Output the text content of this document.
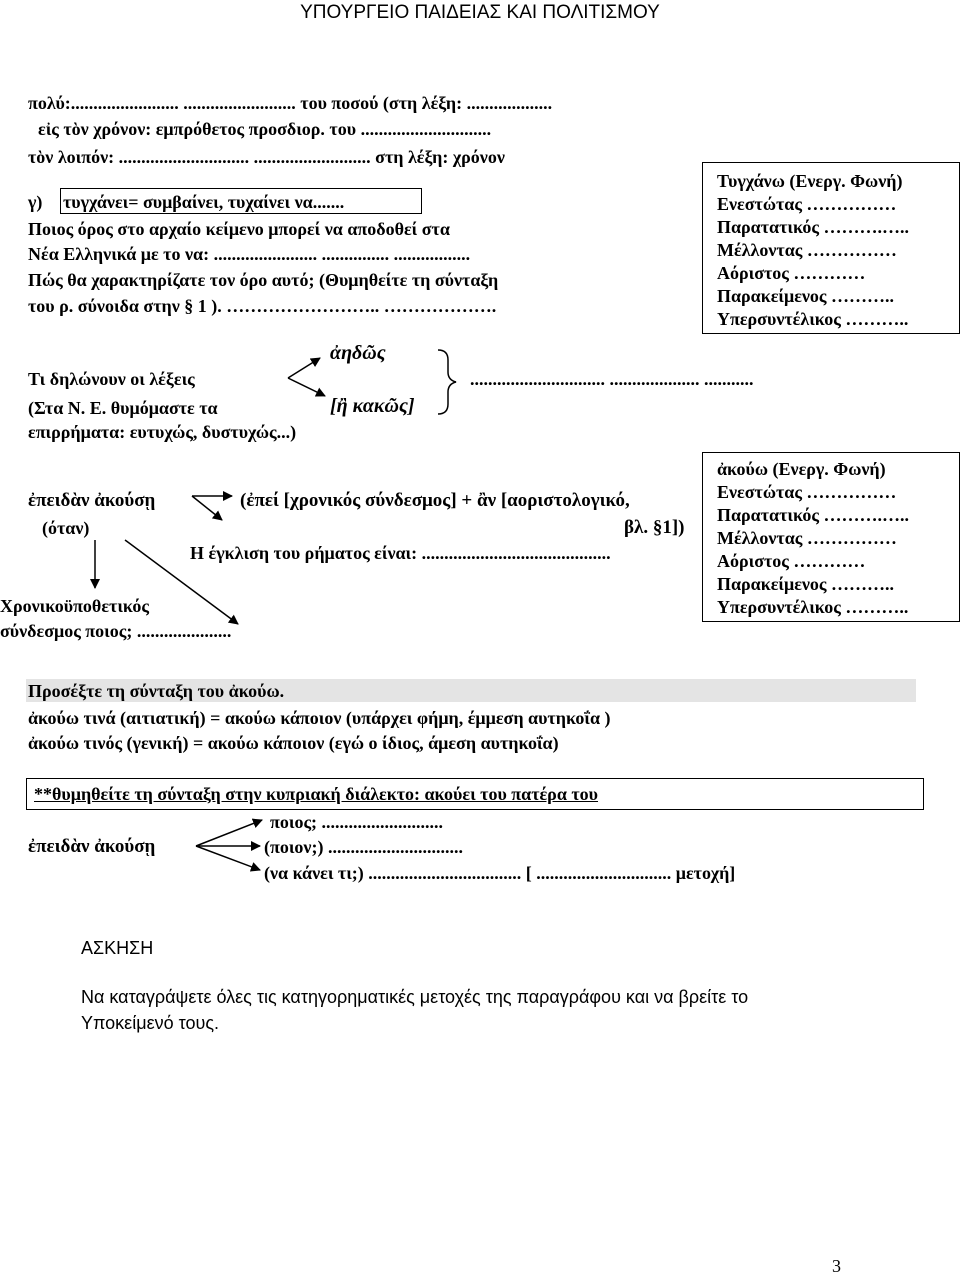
ΥΠΟΥΡΓΕΙΟ ΠΑΙΔΕΙΑΣ ΚΑΙ ΠΟΛΙΤΙΣΜΟΥ
πολύ:........................ ......................... του ποσού (στη λέξη: ...................
εἰς τὸν χρόνον: εμπρόθετος προσδιορ. του .............................
τὸν λοιπόν: ............................. .......................... στη λέξη: χρόνον
γ) τυγχάνει= συμβαίνει, τυχαίνει να.......
Ποιος όρος στο αρχαίο κείμενο μπορεί να αποδοθεί στα
Νέα Ελληνικά με το να: ....................... ............... .................
Πώς θα χαρακτηρίζατε τον όρο αυτό; (Θυμηθείτε τη σύνταξη
του ρ. σύνοιδα στην § 1 ). …………………….. ……………….
Τυγχάνω (Ενεργ. Φωνή)
Ενεστώτας ……………
Παρατατικός ……….…..
Μέλλοντας ……………
Αόριστος …………
Παρακείμενος ………..
Υπερσυντέλικος ………..
ἀηδῶς
Τι δηλώνουν οι λέξεις	.............................. .................... ...........
(Στα Ν. Ε. θυμόμαστε τα	[ἢ κακῶς]
επιρρήματα: ευτυχώς, δυστυχώς...)
ἐπειδὰν ἀκούσῃ	(ἐπεί [χρονικός σύνδεσμος] + ἂν [αοριστολογικό,
(όταν)	βλ. §1])
Η έγκλιση του ρήματος είναι: ..........................................
Χρονικοϋποθετικός
σύνδεσμος ποιος; .....................
ἀκούω (Ενεργ. Φωνή)
Ενεστώτας ……………
Παρατατικός ……….…..
Μέλλοντας ……………
Αόριστος …………
Παρακείμενος ………..
Υπερσυντέλικος ………..
Προσέξτε τη σύνταξη του ἀκούω.
ἀκούω τινά (αιτιατική) = ακούω κάποιον (υπάρχει φήμη, έμμεση αυτηκοΐα )
ἀκούω τινός (γενική) = ακούω κάποιον (εγώ ο ίδιος, άμεση αυτηκοΐα)
**θυμηθείτε τη σύνταξη στην κυπριακή διάλεκτο: ακούει του πατέρα του
ἐπειδὰν ἀκούσῃ
ποιος; ...........................
(ποιον;) ..............................
(να κάνει τι;) .................................. [ .............................. μετοχή]
ΑΣΚΗΣΗ
Να καταγράψετε όλες τις κατηγορηματικές μετοχές της παραγράφου και να βρείτε το
Υποκείμενό τους.
3
